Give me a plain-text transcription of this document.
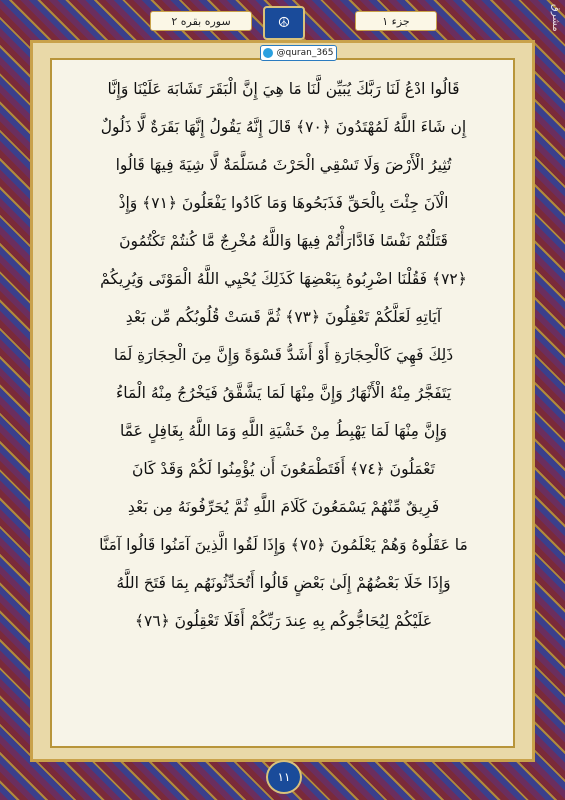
سوره بقره ٢	☮	جزء ١	مشرق
@quran_365
قَالُوا ادْعُ لَنَا رَبَّكَ يُبَيِّن لَّنَا مَا هِيَ إِنَّ الْبَقَرَ تَشَابَهَ عَلَيْنَا وَإِنَّا
إِن شَاءَ اللَّهُ لَمُهْتَدُونَ ﴿٧٠﴾ قَالَ إِنَّهُ يَقُولُ إِنَّهَا بَقَرَةٌ لَّا ذَلُولٌ
تُثِيرُ الْأَرْضَ وَلَا تَسْقِي الْحَرْثَ مُسَلَّمَةٌ لَّا شِيَةَ فِيهَا قَالُوا
الْآنَ جِئْتَ بِالْحَقِّ فَذَبَحُوهَا وَمَا كَادُوا يَفْعَلُونَ ﴿٧١﴾ وَإِذْ
قَتَلْتُمْ نَفْسًا فَادَّارَأْتُمْ فِيهَا وَاللَّهُ مُخْرِجٌ مَّا كُنتُمْ تَكْتُمُونَ
﴿٧٢﴾ فَقُلْنَا اضْرِبُوهُ بِبَعْضِهَا كَذَلِكَ يُحْيِي اللَّهُ الْمَوْتَى وَيُرِيكُمْ
آيَاتِهِ لَعَلَّكُمْ تَعْقِلُونَ ﴿٧٣﴾ ثُمَّ قَسَتْ قُلُوبُكُم مِّن بَعْدِ
ذَلِكَ فَهِيَ كَالْحِجَارَةِ أَوْ أَشَدُّ قَسْوَةً وَإِنَّ مِنَ الْحِجَارَةِ لَمَا
يَتَفَجَّرُ مِنْهُ الْأَنْهَارُ وَإِنَّ مِنْهَا لَمَا يَشَّقَّقُ فَيَخْرُجُ مِنْهُ الْمَاءُ
وَإِنَّ مِنْهَا لَمَا يَهْبِطُ مِنْ خَشْيَةِ اللَّهِ وَمَا اللَّهُ بِغَافِلٍ عَمَّا
تَعْمَلُونَ ﴿٧٤﴾ أَفَتَطْمَعُونَ أَن يُؤْمِنُوا لَكُمْ وَقَدْ كَانَ
فَرِيقٌ مِّنْهُمْ يَسْمَعُونَ كَلَامَ اللَّهِ ثُمَّ يُحَرِّفُونَهُ مِن بَعْدِ
مَا عَقَلُوهُ وَهُمْ يَعْلَمُونَ ﴿٧٥﴾ وَإِذَا لَقُوا الَّذِينَ آمَنُوا قَالُوا آمَنَّا
وَإِذَا خَلَا بَعْضُهُمْ إِلَىٰ بَعْضٍ قَالُوا أَتُحَدِّثُونَهُم بِمَا فَتَحَ اللَّهُ
عَلَيْكُمْ لِيُحَاجُّوكُم بِهِ عِندَ رَبِّكُمْ أَفَلَا تَعْقِلُونَ ﴿٧٦﴾
١١
